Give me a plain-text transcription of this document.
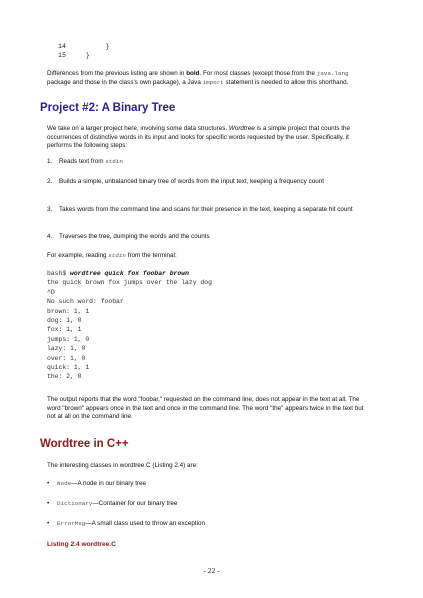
14          }
15     }
Differences from the previous listing are shown in bold. For most classes (except those from the java.lang package and those in the class's own package), a Java import statement is needed to allow this shorthand.
Project #2: A Binary Tree
We take on a larger project here, involving some data structures. Wordtree is a simple project that counts the occurrences of distinctive words in its input and looks for specific words requested by the user. Specifically, it performs the following steps:
1. Reads text from stdin
2. Builds a simple, unbalanced binary tree of words from the input text, keeping a frequency count
3. Takes words from the command line and scans for their presence in the text, keeping a separate hit count
4. Traverses the tree, dumping the words and the counts
For example, reading stdin from the terminal:
bash$ wordtree quick fox foobar brown
the quick brown fox jumps over the lazy dog
^D
No such word: foobar
brown: 1, 1
dog: 1, 0
fox: 1, 1
jumps: 1, 0
lazy: 1, 0
over: 1, 0
quick: 1, 1
the: 2, 0
The output reports that the word "foobar," requested on the command line, does not appear in the text at all. The word "brown" appears once in the text and once in the command line. The word "the" appears twice in the text but not at all on the command line.
Wordtree in C++
The interesting classes in wordtree.C (Listing 2.4) are:
• Node—A node in our binary tree
• Dictionary—Container for our binary tree
• ErrorMsg—A small class used to throw an exception
Listing 2.4 wordtree.C
- 22 -
